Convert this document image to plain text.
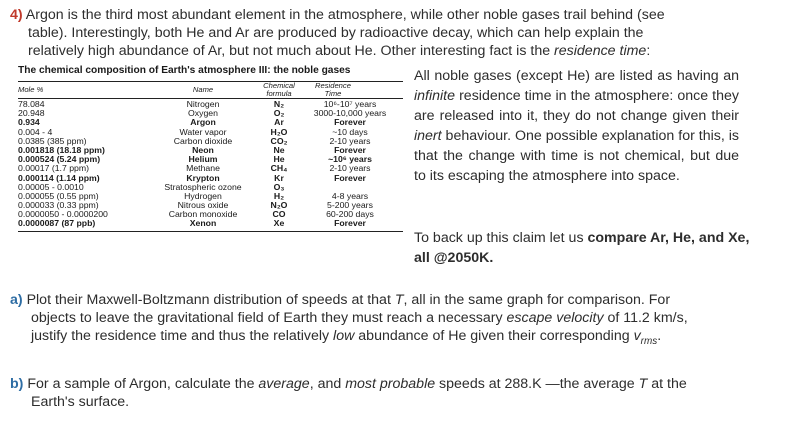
4) Argon is the third most abundant element in the atmosphere, while other noble gases trail behind (see
table). Interestingly, both He and Ar are produced by radioactive decay, which can help explain the
relatively high abundance of Ar, but not much about He. Other interesting fact is the residence time:
The chemical composition of Earth's atmosphere III: the noble gases
Mole %	Name	Chemical formula
Residence Time
78.084
20.948
0.934
0.004 - 4
0.0385 (385 ppm)
0.001818 (18.18 ppm)
0.000524 (5.24 ppm)
0.00017 (1.7 ppm)
0.000114 (1.14 ppm)
0.00005 - 0.0010
0.000055 (0.55 ppm)
0.000033 (0.33 ppm)
0.0000050 - 0.0000200
0.0000087 (87 ppb)
Nitrogen
Oxygen
Argon
Water vapor
Carbon dioxide
Neon
Helium
Methane
Krypton
Stratospheric ozone
Hydrogen
Nitrous oxide
Carbon monoxide
Xenon
N₂
O₂
Ar
H₂O
CO₂
Ne
He
CH₄
Kr
O₃
H₂
N₂O
CO
Xe
10⁶-10⁷ years
3000-10,000 years
Forever
~10 days
2-10 years
Forever
~10⁶ years
2-10 years
Forever
4-8 years
5-200 years
60-200 days
Forever
All noble gases (except He) are listed as having an infinite residence time in the atmosphere: once they are released into it, they do not change given their inert behaviour. One possible explanation for this, is that the change with time is not chemical, but due to its escaping the atmosphere into space.
To back up this claim let us compare Ar, He, and Xe, all @2050K.
a) Plot their Maxwell-Boltzmann distribution of speeds at that T, all in the same graph for comparison. For
objects to leave the gravitational field of Earth they must reach a necessary escape velocity of 11.2 km/s,
justify the residence time and thus the relatively low abundance of He given their corresponding $v_{rms}$.
b) For a sample of Argon, calculate the average, and most probable speeds at 288.K —the average T at the
Earth's surface.
